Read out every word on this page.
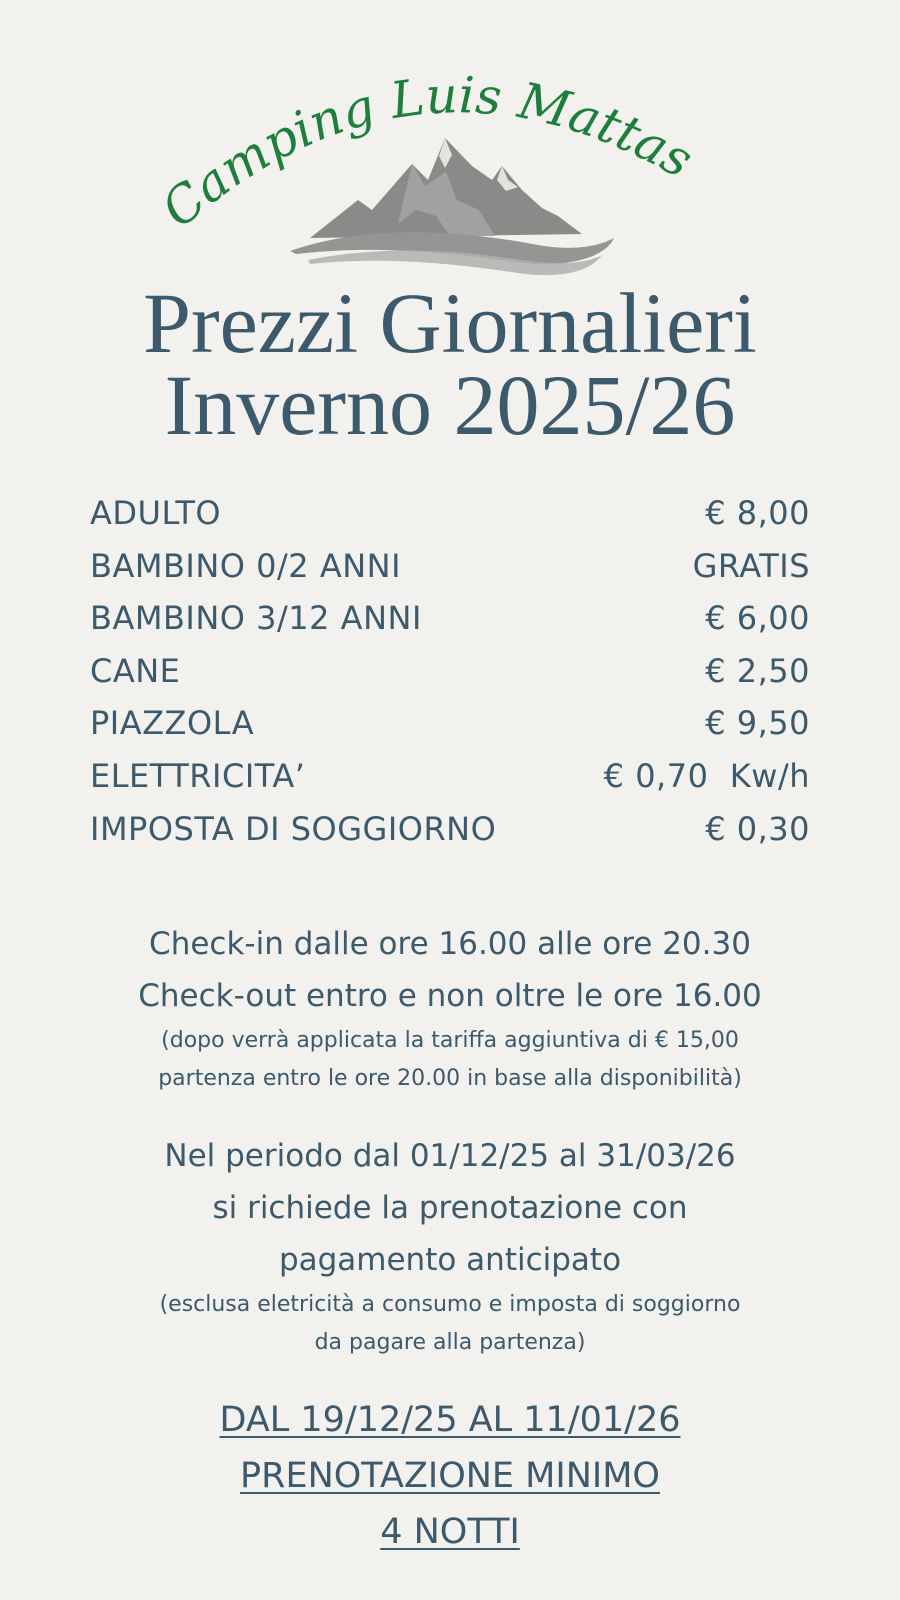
Camping Luis Mattas
Prezzi Giornalieri
Inverno 2025/26
ADULTO	€ 8,00
BAMBINO 0/2 ANNI	GRATIS
BAMBINO 3/12 ANNI	€ 6,00
CANE	€ 2,50
PIAZZOLA	€ 9,50
ELETTRICITA’	€ 0,70  Kw/h
IMPOSTA DI SOGGIORNO	€ 0,30
Check-in dalle ore 16.00 alle ore 20.30
Check-out entro e non oltre le ore 16.00
(dopo verrà applicata la tariffa aggiuntiva di € 15,00
partenza entro le ore 20.00 in base alla disponibilità)
Nel periodo dal 01/12/25 al 31/03/26
si richiede la prenotazione con
pagamento anticipato
(esclusa eletricità a consumo e imposta di soggiorno
da pagare alla partenza)
DAL 19/12/25 AL 11/01/26
PRENOTAZIONE MINIMO
4 NOTTI
